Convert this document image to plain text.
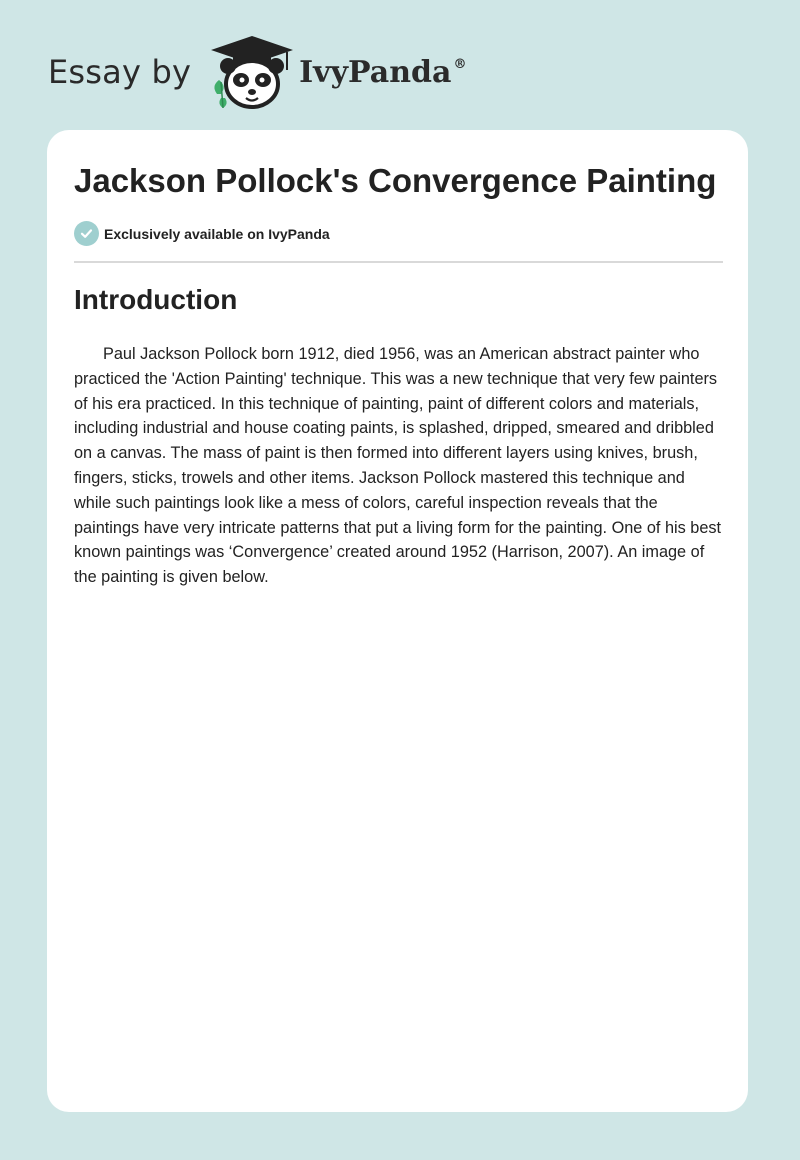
Essay by	IvyPanda ®
Jackson Pollock's Convergence Painting
Exclusively available on IvyPanda
Introduction

Paul Jackson Pollock born 1912, died 1956, was an American abstract painter who practiced the 'Action Painting' technique. This was a new technique that very few painters of his era practiced. In this technique of painting, paint of different colors and materials, including industrial and house coating paints, is splashed, dripped, smeared and dribbled on a canvas. The mass of paint is then formed into different layers using knives, brush, fingers, sticks, trowels and other items. Jackson Pollock mastered this technique and while such paintings look like a mess of colors, careful inspection reveals that the paintings have very intricate patterns that put a living form for the painting. One of his best known paintings was ‘Convergence’ created around 1952 (Harrison, 2007). An image of the painting is given below.
